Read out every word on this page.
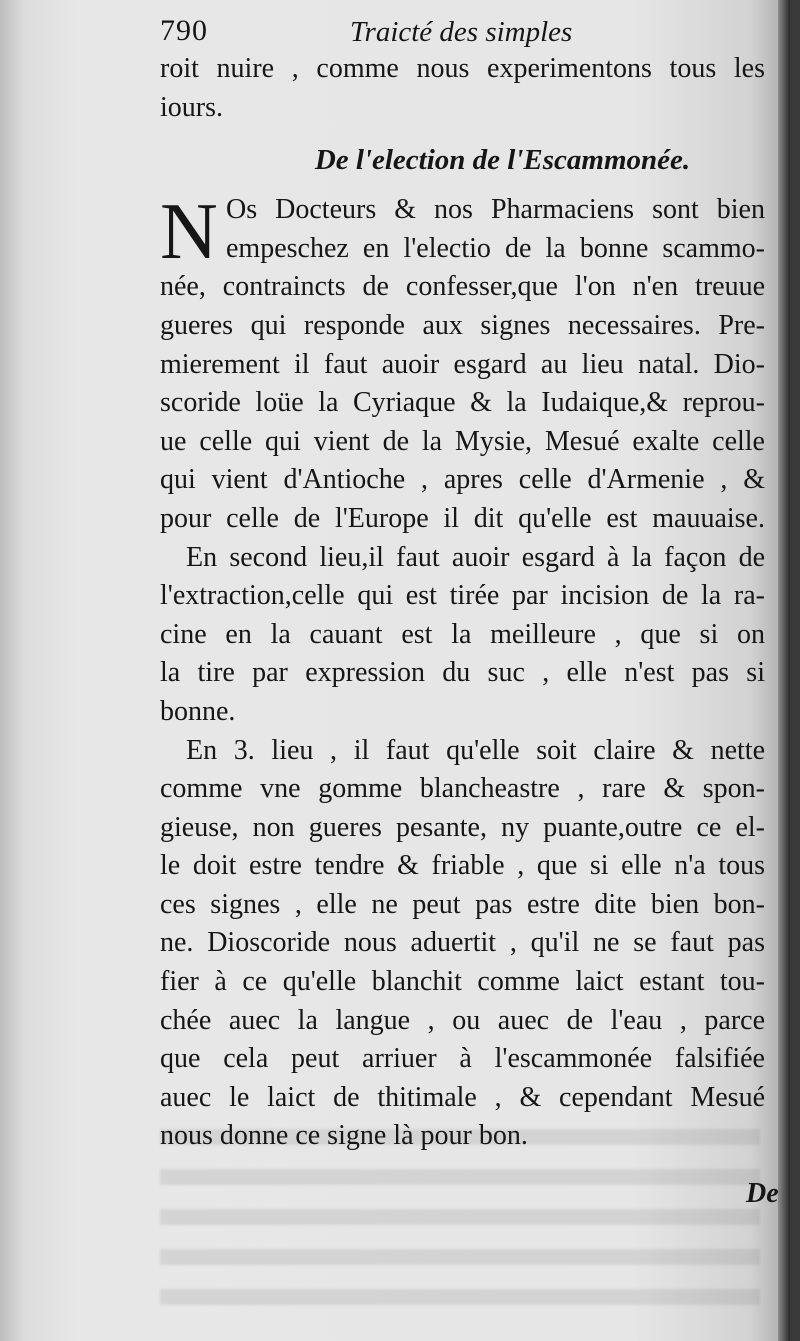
790	Traicté des simples
roit nuire , comme nous experimentons tous les
iours.
De l'election de l'Escammonée.
N Os Docteurs & nos Pharmaciens sont bien
empeschez en l'electio de la bonne scammo-
née, contraincts de confesser,que l'on n'en treuue
gueres qui responde aux signes necessaires. Pre-
mierement il faut auoir esgard au lieu natal. Dio-
scoride loüe la Cyriaque & la Iudaique,& reprou-
ue celle qui vient de la Mysie, Mesué exalte celle
qui vient d'Antioche , apres celle d'Armenie , &
pour celle de l'Europe il dit qu'elle est mauuaise.
En second lieu,il faut auoir esgard à la façon de
l'extraction,celle qui est tirée par incision de la ra-
cine en la cauant est la meilleure , que si on
la tire par expression du suc , elle n'est pas si
bonne.
En 3. lieu , il faut qu'elle soit claire & nette
comme vne gomme blancheastre , rare & spon-
gieuse, non gueres pesante, ny puante,outre ce el-
le doit estre tendre & friable , que si elle n'a tous
ces signes , elle ne peut pas estre dite bien bon-
ne. Dioscoride nous aduertit , qu'il ne se faut pas
fier à ce qu'elle blanchit comme laict estant tou-
chée auec la langue , ou auec de l'eau , parce
que cela peut arriuer à l'escammonée falsifiée
auec le laict de thitimale , & cependant Mesué
nous donne ce signe là pour bon.
De
